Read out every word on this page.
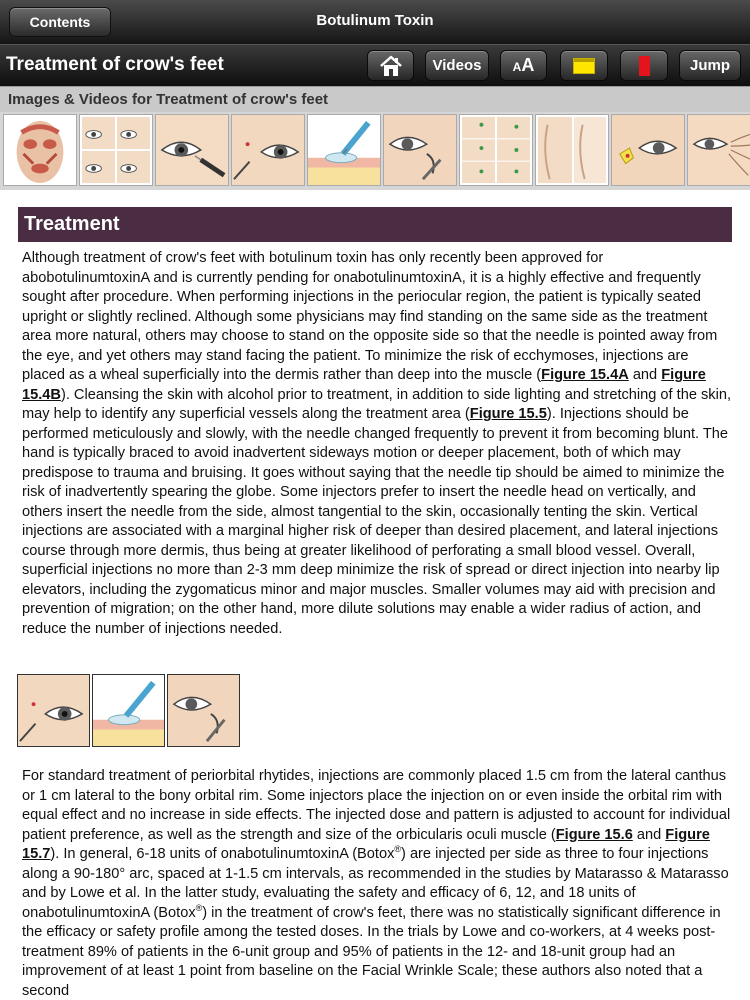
Contents	Botulinum Toxin
Treatment of crow's feet	Videos	AA	Jump
Images & Videos for Treatment of crow's feet
Treatment
Although treatment of crow's feet with botulinum toxin has only recently been approved for abobotulinumtoxinA and is currently pending for onabotulinumtoxinA, it is a highly effective and frequently sought after procedure. When performing injections in the periocular region, the patient is typically seated upright or slightly reclined. Although some physicians may find standing on the same side as the treatment area more natural, others may choose to stand on the opposite side so that the needle is pointed away from the eye, and yet others may stand facing the patient. To minimize the risk of ecchymoses, injections are placed as a wheal superficially into the dermis rather than deep into the muscle (Figure 15.4A and Figure 15.4B). Cleansing the skin with alcohol prior to treatment, in addition to side lighting and stretching of the skin, may help to identify any superficial vessels along the treatment area (Figure 15.5). Injections should be performed meticulously and slowly, with the needle changed frequently to prevent it from becoming blunt. The hand is typically braced to avoid inadvertent sideways motion or deeper placement, both of which may predispose to trauma and bruising. It goes without saying that the needle tip should be aimed to minimize the risk of inadvertently spearing the globe. Some injectors prefer to insert the needle head on vertically, and others insert the needle from the side, almost tangential to the skin, occasionally tenting the skin. Vertical injections are associated with a marginal higher risk of deeper than desired placement, and lateral injections course through more dermis, thus being at greater likelihood of perforating a small blood vessel. Overall, superficial injections no more than 2-3 mm deep minimize the risk of spread or direct injection into nearby lip elevators, including the zygomaticus minor and major muscles. Smaller volumes may aid with precision and prevention of migration; on the other hand, more dilute solutions may enable a wider radius of action, and reduce the number of injections needed.
For standard treatment of periorbital rhytides, injections are commonly placed 1.5 cm from the lateral canthus or 1 cm lateral to the bony orbital rim. Some injectors place the injection on or even inside the orbital rim with equal effect and no increase in side effects. The injected dose and pattern is adjusted to account for individual patient preference, as well as the strength and size of the orbicularis oculi muscle (Figure 15.6 and Figure 15.7). In general, 6-18 units of onabotulinumtoxinA (Botox®) are injected per side as three to four injections along a 90-180° arc, spaced at 1-1.5 cm intervals, as recommended in the studies by Matarasso & Matarasso and by Lowe et al. In the latter study, evaluating the safety and efficacy of 6, 12, and 18 units of onabotulinumtoxinA (Botox®) in the treatment of crow's feet, there was no statistically significant difference in the efficacy or safety profile among the tested doses. In the trials by Lowe and co-workers, at 4 weeks post-treatment 89% of patients in the 6-unit group and 95% of patients in the 12- and 18-unit group had an improvement of at least 1 point from baseline on the Facial Wrinkle Scale; these authors also noted that a second
